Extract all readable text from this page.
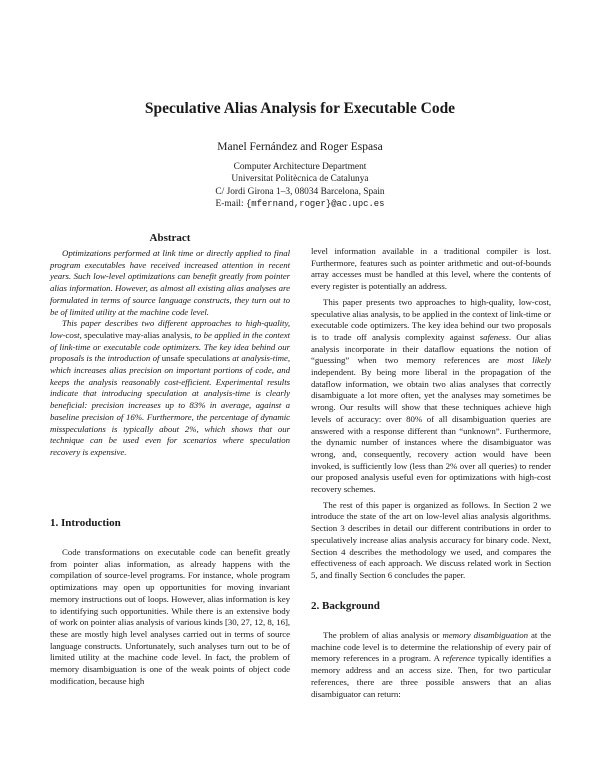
Speculative Alias Analysis for Executable Code
Manel Fernández and Roger Espasa
Computer Architecture Department
Universitat Politècnica de Catalunya
C/ Jordi Girona 1–3, 08034 Barcelona, Spain
E-mail: {mfernand,roger}@ac.upc.es
Abstract

Optimizations performed at link time or directly applied to final program executables have received increased attention in recent years. Such low-level optimizations can benefit greatly from pointer alias information. However, as almost all existing alias analyses are formulated in terms of source language constructs, they turn out to be of limited utility at the machine code level.

This paper describes two different approaches to high-quality, low-cost, speculative may-alias analysis, to be applied in the context of link-time or executable code optimizers. The key idea behind our proposals is the introduction of unsafe speculations at analysis-time, which increases alias precision on important portions of code, and keeps the analysis reasonably cost-efficient. Experimental results indicate that introducing speculation at analysis-time is clearly beneficial: precision increases up to 83% in average, against a baseline precision of 16%. Furthermore, the percentage of dynamic misspeculations is typically about 2%, which shows that our technique can be used even for scenarios where speculation recovery is expensive.

1. Introduction

Code transformations on executable code can benefit greatly from pointer alias information, as already happens with the compilation of source-level programs. For instance, whole program optimizations may open up opportunities for moving invariant memory instructions out of loops. However, alias information is key to identifying such opportunities. While there is an extensive body of work on pointer alias analysis of various kinds [30, 27, 12, 8, 16], these are mostly high level analyses carried out in terms of source language constructs. Unfortunately, such analyses turn out to be of limited utility at the machine code level. In fact, the problem of memory disambiguation is one of the weak points of object code modification, because high

level information available in a traditional compiler is lost. Furthermore, features such as pointer arithmetic and out-of-bounds array accesses must be handled at this level, where the contents of every register is potentially an address.

This paper presents two approaches to high-quality, low-cost, speculative alias analysis, to be applied in the context of link-time or executable code optimizers. The key idea behind our two proposals is to trade off analysis complexity against safeness. Our alias analysis incorporate in their dataflow equations the notion of “guessing” when two memory references are most likely independent. By being more liberal in the propagation of the dataflow information, we obtain two alias analyses that correctly disambiguate a lot more often, yet the analyses may sometimes be wrong. Our results will show that these techniques achieve high levels of accuracy: over 80% of all disambiguation queries are answered with a response different than “unknown”. Furthermore, the dynamic number of instances where the disambiguator was wrong, and, consequently, recovery action would have been invoked, is sufficiently low (less than 2% over all queries) to render our proposed analysis useful even for optimizations with high-cost recovery schemes.

The rest of this paper is organized as follows. In Section 2 we introduce the state of the art on low-level alias analysis algorithms. Section 3 describes in detail our different contributions in order to speculatively increase alias analysis accuracy for binary code. Next, Section 4 describes the methodology we used, and compares the effectiveness of each approach. We discuss related work in Section 5, and finally Section 6 concludes the paper.

2. Background

The problem of alias analysis or memory disambiguation at the machine code level is to determine the relationship of every pair of memory references in a program. A reference typically identifies a memory address and an access size. Then, for two particular references, there are three possible answers that an alias disambiguator can return:
